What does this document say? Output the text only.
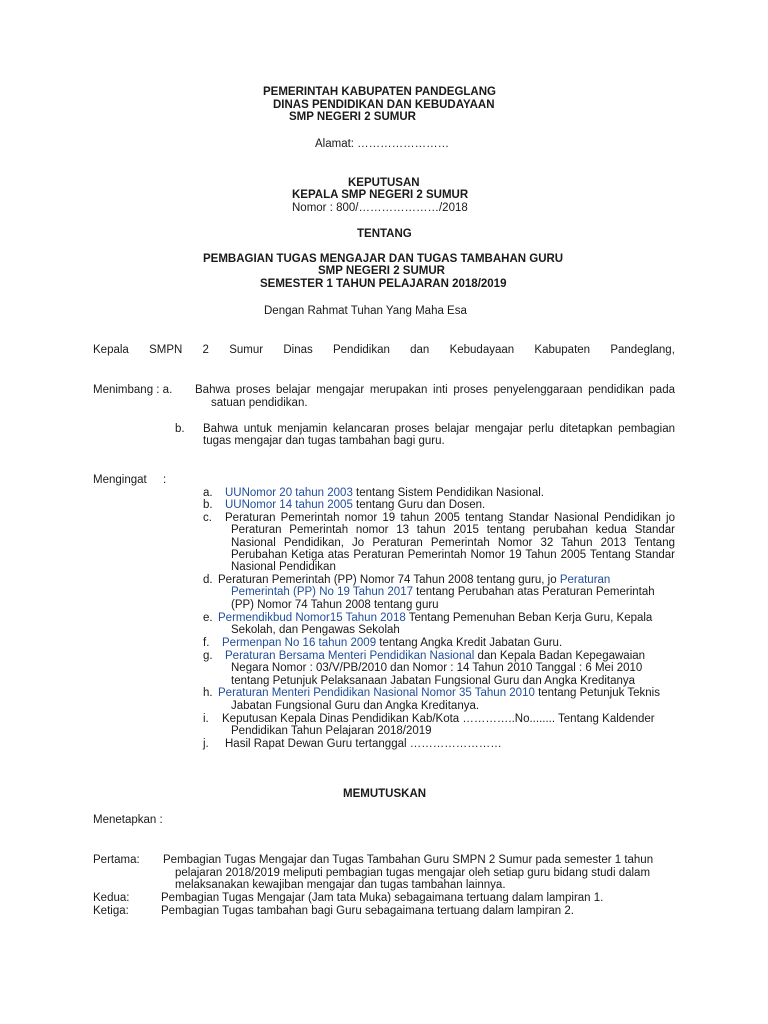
PEMERINTAH KABUPATEN PANDEGLANG
DINAS PENDIDIKAN DAN KEBUDAYAAN
SMP NEGERI 2 SUMUR
Alamat: ……………………
KEPUTUSAN
KEPALA SMP NEGERI 2 SUMUR
Nomor : 800/…………………/2018
TENTANG
PEMBAGIAN TUGAS MENGAJAR DAN TUGAS TAMBAHAN GURU
SMP NEGERI 2 SUMUR
SEMESTER 1 TAHUN PELAJARAN 2018/2019
Dengan Rahmat Tuhan Yang Maha Esa
Kepala SMPN 2 Sumur Dinas Pendidikan dan Kebudayaan Kabupaten Pandeglang,
Menimbang : a. Bahwa proses belajar mengajar merupakan inti proses penyelenggaraan pendidikan pada
satuan pendidikan.
b. Bahwa untuk menjamin kelancaran proses belajar mengajar perlu ditetapkan pembagian
tugas mengajar dan tugas tambahan bagi guru.
Mengingat :
a. UUNomor 20 tahun 2003 tentang Sistem Pendidikan Nasional.
b. UUNomor 14 tahun 2005 tentang Guru dan Dosen.
c. Peraturan Pemerintah nomor 19 tahun 2005 tentang Standar Nasional Pendidikan jo
Peraturan Pemerintah nomor 13 tahun 2015 tentang perubahan kedua Standar
Nasional Pendidikan, Jo Peraturan Pemerintah Nomor 32 Tahun 2013 Tentang
Perubahan Ketiga atas Peraturan Pemerintah Nomor 19 Tahun 2005 Tentang Standar
Nasional Pendidikan
d. Peraturan Pemerintah (PP) Nomor 74 Tahun 2008 tentang guru, jo Peraturan
Pemerintah (PP) No 19 Tahun 2017 tentang Perubahan atas Peraturan Pemerintah
(PP) Nomor 74 Tahun 2008 tentang guru
e. Permendikbud Nomor15 Tahun 2018 Tentang Pemenuhan Beban Kerja Guru, Kepala
Sekolah, dan Pengawas Sekolah
f. Permenpan No 16 tahun 2009 tentang Angka Kredit Jabatan Guru.
g. Peraturan Bersama Menteri Pendidikan Nasional dan Kepala Badan Kepegawaian
Negara Nomor : 03/V/PB/2010 dan Nomor : 14 Tahun 2010 Tanggal : 6 Mei 2010
tentang Petunjuk Pelaksanaan Jabatan Fungsional Guru dan Angka Kreditanya
h. Peraturan Menteri Pendidikan Nasional Nomor 35 Tahun 2010 tentang Petunjuk Teknis
Jabatan Fungsional Guru dan Angka Kreditanya.
i. Keputusan Kepala Dinas Pendidikan Kab/Kota …………..No........ Tentang Kaldender
Pendidikan Tahun Pelajaran 2018/2019
j. Hasil Rapat Dewan Guru tertanggal ……………………
MEMUTUSKAN
Menetapkan :
Pertama: Pembagian Tugas Mengajar dan Tugas Tambahan Guru SMPN 2 Sumur pada semester 1 tahun
pelajaran 2018/2019 meliputi pembagian tugas mengajar oleh setiap guru bidang studi dalam
melaksanakan kewajiban mengajar dan tugas tambahan lainnya.
Kedua:	Pembagian Tugas Mengajar (Jam tata Muka) sebagaimana tertuang dalam lampiran 1.
Ketiga:	Pembagian Tugas tambahan bagi Guru sebagaimana tertuang dalam lampiran 2.
